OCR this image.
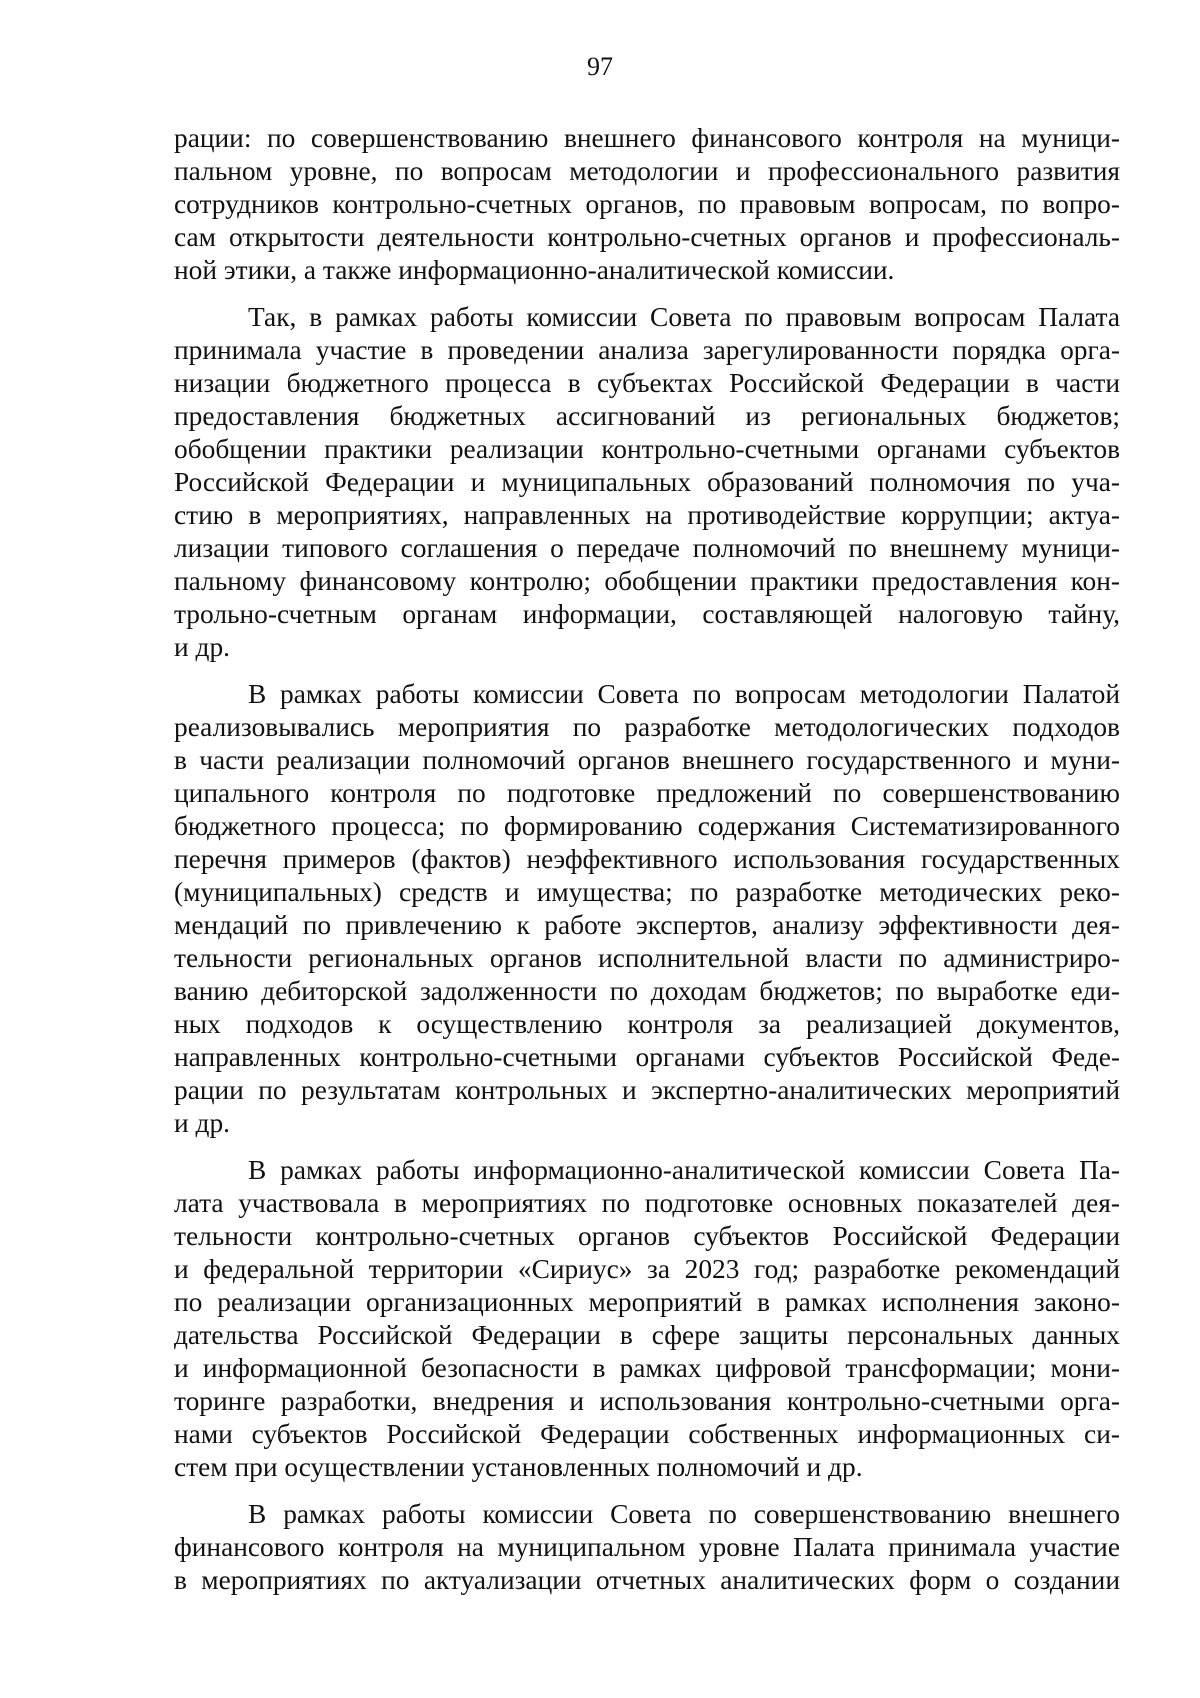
97
рации: по совершенствованию внешнего финансового контроля на муници-
пальном уровне, по вопросам методологии и профессионального развития
сотрудников контрольно-счетных органов, по правовым вопросам, по вопро-
сам открытости деятельности контрольно-счетных органов и профессиональ-
ной этики, а также информационно-аналитической комиссии.
Так, в рамках работы комиссии Совета по правовым вопросам Палата
принимала участие в проведении анализа зарегулированности порядка орга-
низации бюджетного процесса в субъектах Российской Федерации в части
предоставления бюджетных ассигнований из региональных бюджетов;
обобщении практики реализации контрольно-счетными органами субъектов
Российской Федерации и муниципальных образований полномочия по уча-
стию в мероприятиях, направленных на противодействие коррупции; актуа-
лизации типового соглашения о передаче полномочий по внешнему муници-
пальному финансовому контролю; обобщении практики предоставления кон-
трольно-счетным органам информации, составляющей налоговую тайну,
и др.
В рамках работы комиссии Совета по вопросам методологии Палатой
реализовывались мероприятия по разработке методологических подходов
в части реализации полномочий органов внешнего государственного и муни-
ципального контроля по подготовке предложений по совершенствованию
бюджетного процесса; по формированию содержания Систематизированного
перечня примеров (фактов) неэффективного использования государственных
(муниципальных) средств и имущества; по разработке методических реко-
мендаций по привлечению к работе экспертов, анализу эффективности дея-
тельности региональных органов исполнительной власти по администриро-
ванию дебиторской задолженности по доходам бюджетов; по выработке еди-
ных подходов к осуществлению контроля за реализацией документов,
направленных контрольно-счетными органами субъектов Российской Феде-
рации по результатам контрольных и экспертно-аналитических мероприятий
и др.
В рамках работы информационно-аналитической комиссии Совета Па-
лата участвовала в мероприятиях по подготовке основных показателей дея-
тельности контрольно-счетных органов субъектов Российской Федерации
и федеральной территории «Сириус» за 2023 год; разработке рекомендаций
по реализации организационных мероприятий в рамках исполнения законо-
дательства Российской Федерации в сфере защиты персональных данных
и информационной безопасности в рамках цифровой трансформации; мони-
торинге разработки, внедрения и использования контрольно-счетными орга-
нами субъектов Российской Федерации собственных информационных си-
стем при осуществлении установленных полномочий и др.
В рамках работы комиссии Совета по совершенствованию внешнего
финансового контроля на муниципальном уровне Палата принимала участие
в мероприятиях по актуализации отчетных аналитических форм о создании
